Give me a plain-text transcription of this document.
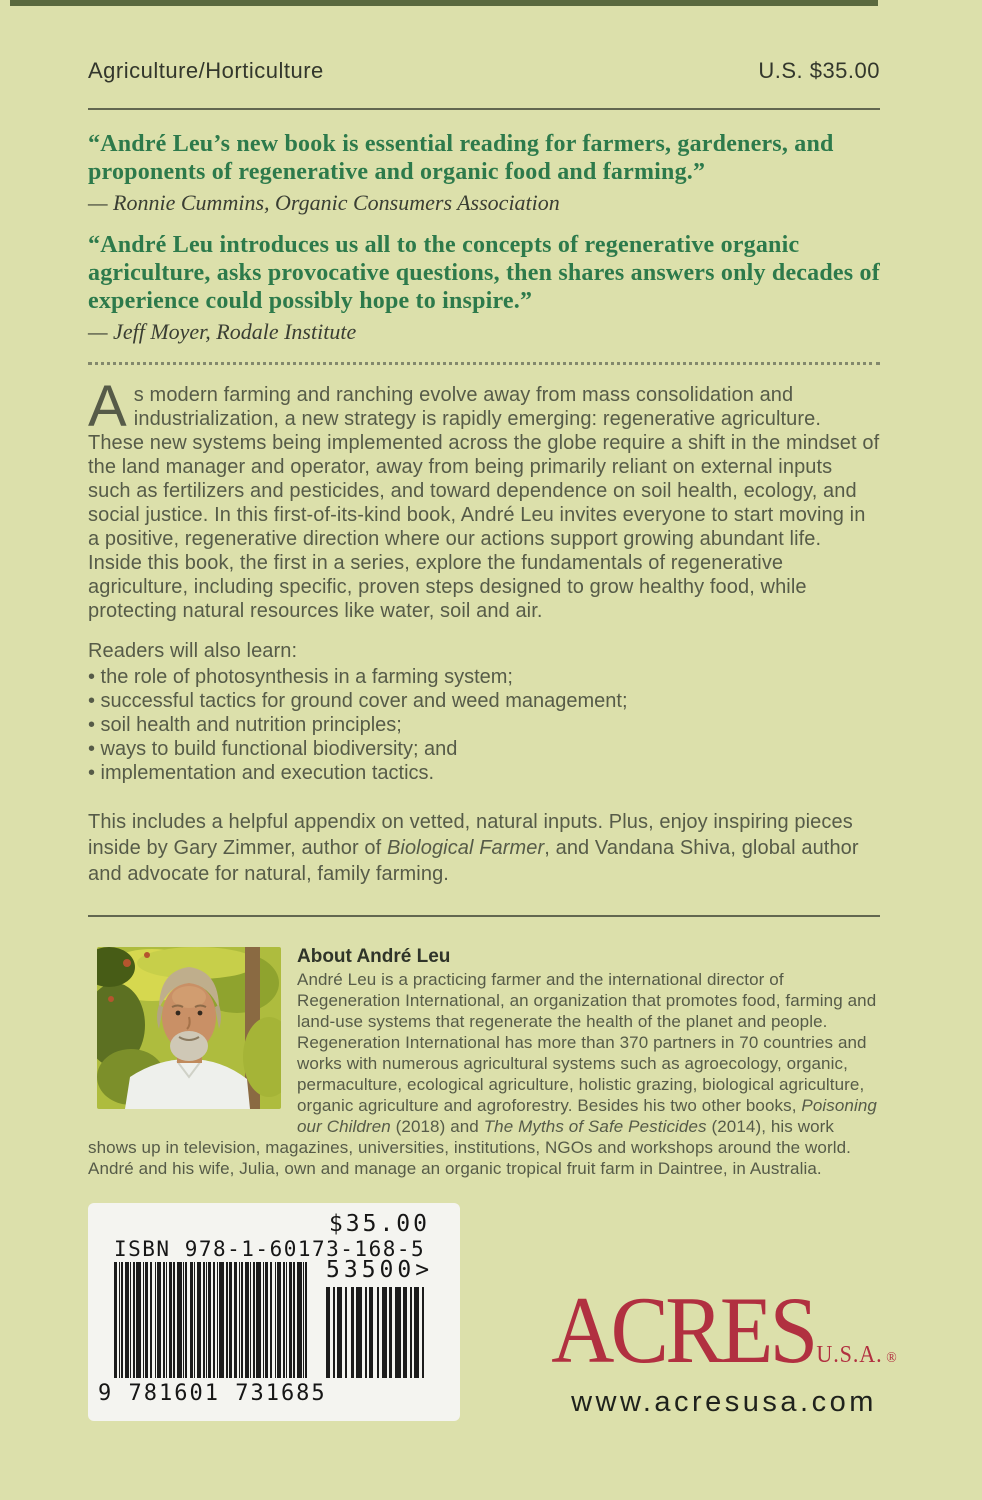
Agriculture/Horticulture	U.S. $35.00

“André Leu’s new book is essential reading for farmers, gardeners, and proponents of regenerative and organic food and farming.”

— Ronnie Cummins, Organic Consumers Association

“André Leu introduces us all to the concepts of regenerative organic agriculture, asks provocative questions, then shares answers only decades of experience could possibly hope to inspire.”

— Jeff Moyer, Rodale Institute

As modern farming and ranching evolve away from mass consolidation and industrialization, a new strategy is rapidly emerging: regenerative agriculture. These new systems being implemented across the globe require a shift in the mindset of the land manager and operator, away from being primarily reliant on external inputs such as fertilizers and pesticides, and toward dependence on soil health, ecology, and social justice. In this first-of-its-kind book, André Leu invites everyone to start moving in a positive, regenerative direction where our actions support growing abundant life. Inside this book, the first in a series, explore the fundamentals of regenerative agriculture, including specific, proven steps designed to grow healthy food, while protecting natural resources like water, soil and air.

Readers will also learn:

• the role of photosynthesis in a farming system;
• successful tactics for ground cover and weed management;
• soil health and nutrition principles;
• ways to build functional biodiversity; and
• implementation and execution tactics.

This includes a helpful appendix on vetted, natural inputs. Plus, enjoy inspiring pieces inside by Gary Zimmer, author of Biological Farmer, and Vandana Shiva, global author and advocate for natural, family farming.

About André Leu

André Leu is a practicing farmer and the international director of Regeneration International, an organization that promotes food, farming and land-use systems that regenerate the health of the planet and people. Regeneration International has more than 370 partners in 70 countries and works with numerous agricultural systems such as agroecology, organic, permaculture, ecological agriculture, holistic grazing, biological agriculture, organic agriculture and agroforestry. Besides his two other books, Poisoning our Children (2018) and The Myths of Safe Pesticides (2014), his work shows up in television, magazines, universities, institutions, NGOs and workshops around the world. André and his wife, Julia, own and manage an organic tropical fruit farm in Daintree, in Australia.

$35.00
ISBN 978-1-60173-168-5
53500>
9 781601 731685
ACRES U.S.A. ®
www.acresusa.com
